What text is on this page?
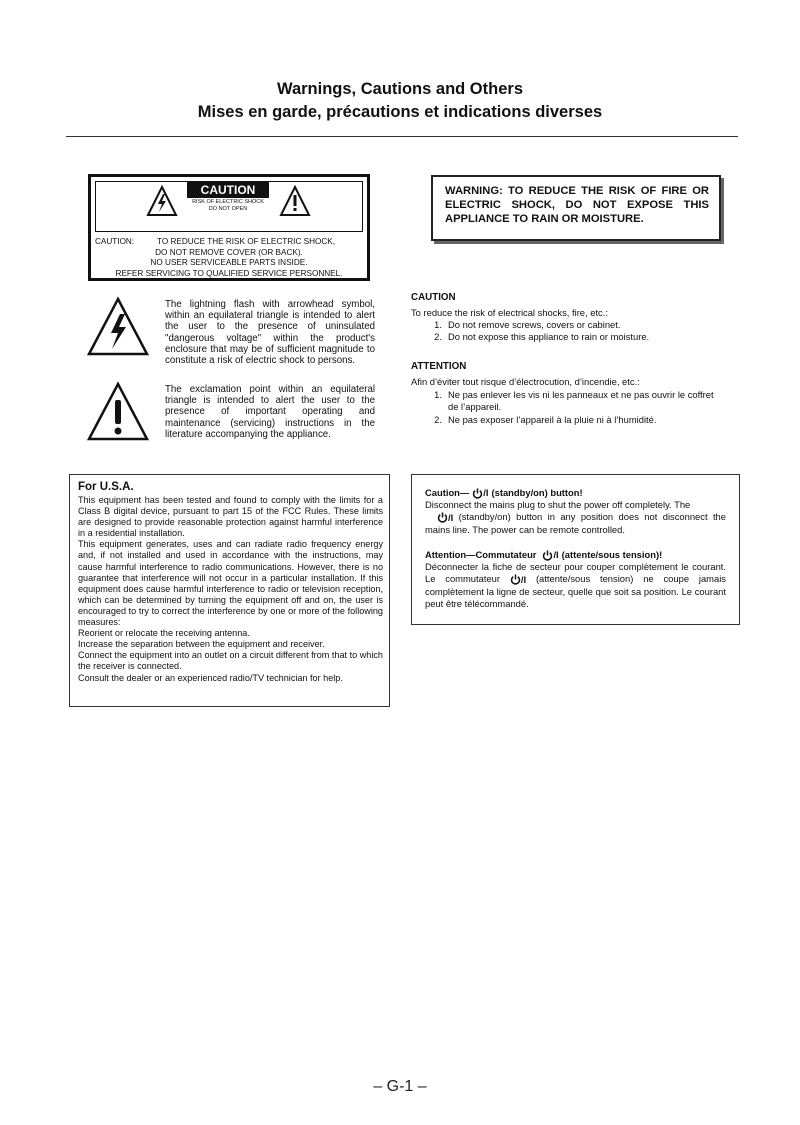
Warnings, Cautions and Others
Mises en garde, précautions et indications diverses
CAUTION
RISK OF ELECTRIC SHOCK
DO NOT OPEN
CAUTION:	TO REDUCE THE RISK OF ELECTRIC SHOCK,
DO NOT REMOVE COVER (OR BACK).
NO USER SERVICEABLE PARTS INSIDE.
REFER SERVICING TO QUALIFIED SERVICE PERSONNEL.

WARNING: TO REDUCE THE RISK OF FIRE OR ELECTRIC SHOCK, DO NOT EXPOSE THIS APPLIANCE TO RAIN OR MOISTURE.

The lightning flash with arrowhead symbol, within an equilateral triangle is intended to alert the user to the presence of uninsulated "dangerous voltage" within the product's enclosure that may be of sufficient magnitude to constitute a risk of electric shock to persons.

The exclamation point within an equilateral triangle is intended to alert the user to the presence of important operating and maintenance (servicing) instructions in the literature accompanying the appliance.

CAUTION
To reduce the risk of electrical shocks, fire, etc.:
1. Do not remove screws, covers or cabinet.
2. Do not expose this appliance to rain or moisture.
ATTENTION
Afin d’éviter tout risque d’électrocution, d’incendie, etc.:
1. Ne pas enlever les vis ni les panneaux et ne pas ouvrir le coffret de l’appareil.
2. Ne pas exposer l’appareil à la pluie ni à l’humidité.
For U.S.A.

This equipment has been tested and found to comply with the limits for a Class B digital device, pursuant to part 15 of the FCC Rules. These limits are designed to provide reasonable protection against harmful interference in a residential installation.

This equipment generates, uses and can radiate radio frequency energy and, if not installed and used in accordance with the instructions, may cause harmful interference to radio communications. However, there is no guarantee that interference will not occur in a particular installation. If this equipment does cause harmful interference to radio or television reception, which can be determined by turning the equipment off and on, the user is encouraged to try to correct the interference by one or more of the following measures:

Reorient or relocate the receiving antenna.

Increase the separation between the equipment and receiver.

Connect the equipment into an outlet on a circuit different from that to which the receiver is connected.

Consult the dealer or an experienced radio/TV technician for help.

Caution— /I (standby/on) button!

Disconnect the mains plug to shut the power off completely. The

/I (standby/on) button in any position does not disconnect the mains line. The power can be remote controlled.

Attention—Commutateur /I (attente/sous tension)!

Déconnecter la fiche de secteur pour couper complètement le courant. Le commutateur /I (attente/sous tension) ne coupe jamais complètement la ligne de secteur, quelle que soit sa position. Le courant peut être télécommandé.

– G-1 –
